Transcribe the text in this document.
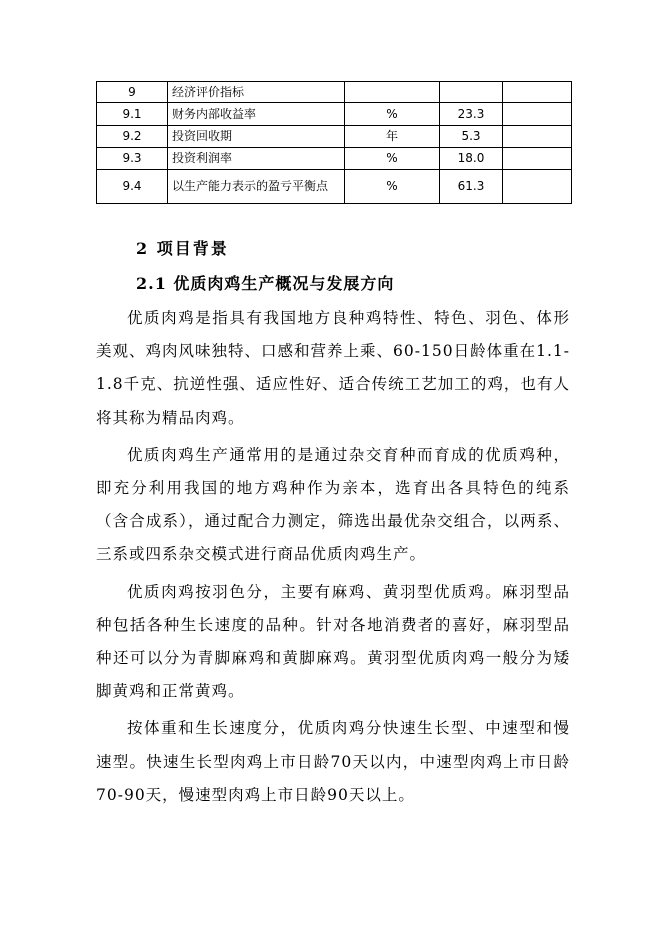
9	经济评价指标			
9.1	财务内部收益率	%	23.3	
9.2	投资回收期	年	5.3	
9.3	投资利润率	%	18.0	
9.4	以生产能力表示的盈亏平衡点	%	61.3	
2 项目背景
2.1 优质肉鸡生产概况与发展方向

优质肉鸡是指具有我国地方良种鸡特性、特色、羽色、体形美观、鸡肉风味独特、口感和营养上乘、60-150日龄体重在1.1-1.8千克、抗逆性强、适应性好、适合传统工艺加工的鸡，也有人将其称为精品肉鸡。

优质肉鸡生产通常用的是通过杂交育种而育成的优质鸡种，即充分利用我国的地方鸡种作为亲本，选育出各具特色的纯系（含合成系），通过配合力测定，筛选出最优杂交组合，以两系、三系或四系杂交模式进行商品优质肉鸡生产。

优质肉鸡按羽色分，主要有麻鸡、黄羽型优质鸡。麻羽型品种包括各种生长速度的品种。针对各地消费者的喜好，麻羽型品种还可以分为青脚麻鸡和黄脚麻鸡。黄羽型优质肉鸡一般分为矮脚黄鸡和正常黄鸡。

按体重和生长速度分，优质肉鸡分快速生长型、中速型和慢速型。快速生长型肉鸡上市日龄70天以内，中速型肉鸡上市日龄70-90天，慢速型肉鸡上市日龄90天以上。
